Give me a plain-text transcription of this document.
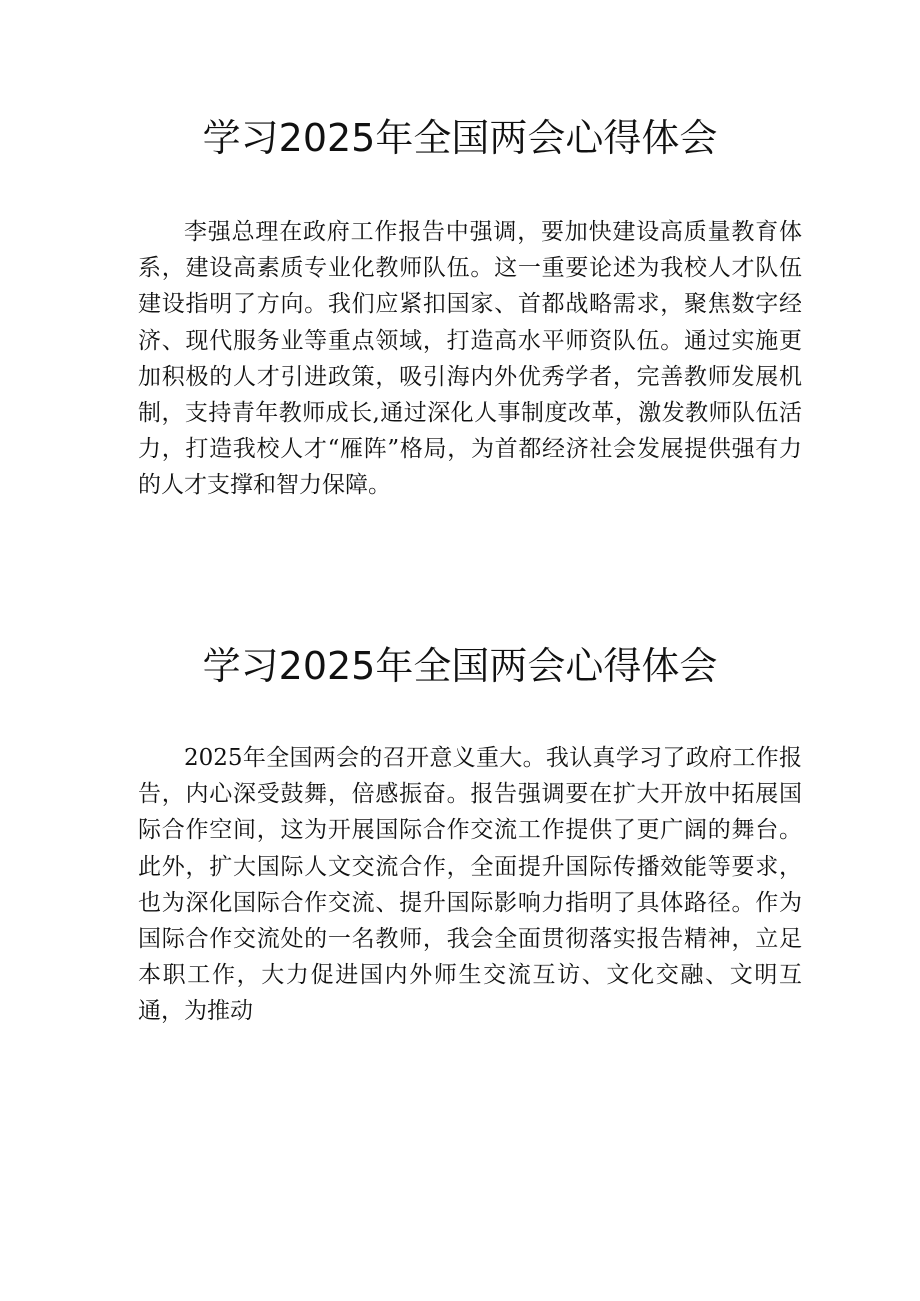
学习2025年全国两会心得体会

李强总理在政府工作报告中强调，要加快建设高质量教育体系，建设高素质专业化教师队伍。这一重要论述为我校人才队伍建设指明了方向。我们应紧扣国家、首都战略需求，聚焦数字经济、现代服务业等重点领域，打造高水平师资队伍。通过实施更加积极的人才引进政策，吸引海内外优秀学者，完善教师发展机制，支持青年教师成长,通过深化人事制度改革，激发教师队伍活力，打造我校人才“雁阵”格局，为首都经济社会发展提供强有力的人才支撑和智力保障。

学习2025年全国两会心得体会

2025年全国两会的召开意义重大。我认真学习了政府工作报告，内心深受鼓舞，倍感振奋。报告强调要在扩大开放中拓展国际合作空间，这为开展国际合作交流工作提供了更广阔的舞台。此外，扩大国际人文交流合作，全面提升国际传播效能等要求，也为深化国际合作交流、提升国际影响力指明了具体路径。作为国际合作交流处的一名教师，我会全面贯彻落实报告精神，立足本职工作，大力促进国内外师生交流互访、文化交融、文明互通，为推动
